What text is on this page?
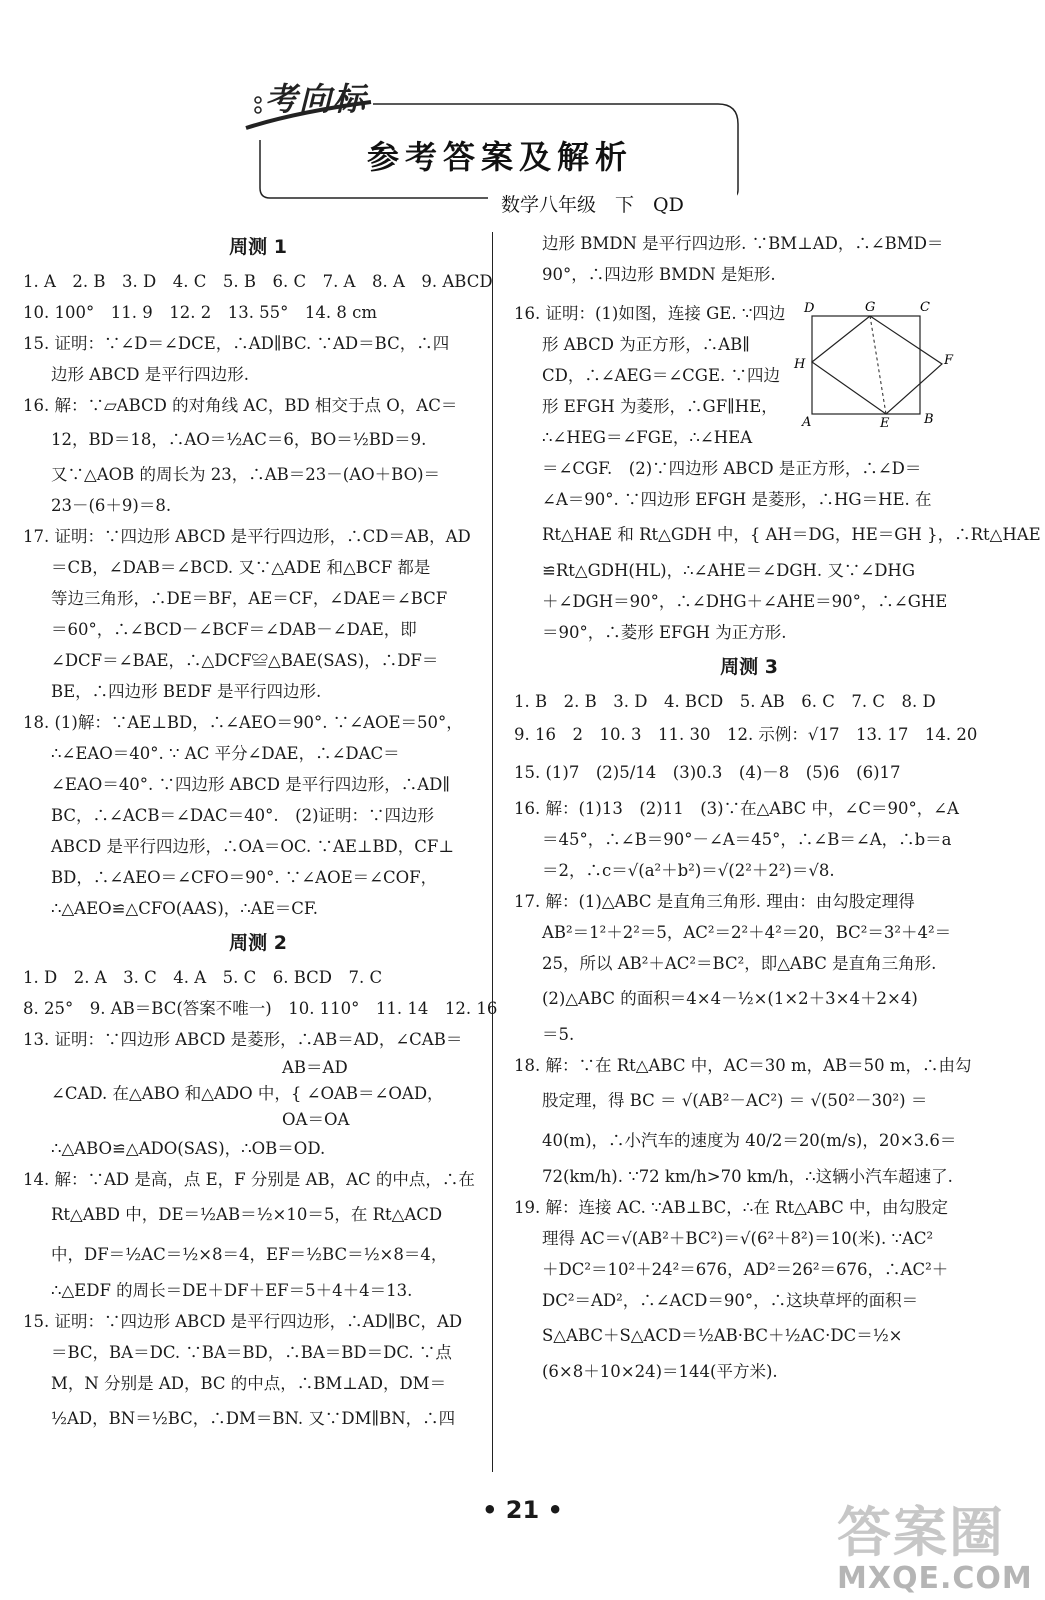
考向标
参考答案及解析
数学八年级　下　QD
周测 1
1. A　2. B　3. D　4. C　5. B　6. C　7. A　8. A　9. ABCD
10. 100°　11. 9　12. 2　13. 55°　14. 8 cm
15. 证明：∵∠D＝∠DCE，∴AD∥BC. ∵AD＝BC，∴四
边形 ABCD 是平行四边形.
16. 解：∵▱ABCD 的对角线 AC，BD 相交于点 O，AC＝
12，BD＝18，∴AO＝½AC＝6，BO＝½BD＝9.
又∵△AOB 的周长为 23，∴AB＝23－(AO＋BO)＝
23－(6＋9)＝8.
17. 证明：∵四边形 ABCD 是平行四边形，∴CD＝AB，AD
＝CB，∠DAB＝∠BCD. 又∵△ADE 和△BCF 都是
等边三角形，∴DE＝BF，AE＝CF，∠DAE＝∠BCF
＝60°，∴∠BCD－∠BCF＝∠DAB－∠DAE，即
∠DCF＝∠BAE，∴△DCF≌△BAE(SAS)，∴DF＝
BE，∴四边形 BEDF 是平行四边形.
18. (1)解：∵AE⊥BD，∴∠AEO＝90°. ∵∠AOE＝50°，
∴∠EAO＝40°. ∵ AC 平分∠DAE，∴∠DAC＝
∠EAO＝40°. ∵四边形 ABCD 是平行四边形，∴AD∥
BC，∴∠ACB＝∠DAC＝40°.　(2)证明：∵四边形
ABCD 是平行四边形，∴OA＝OC. ∵AE⊥BD，CF⊥
BD，∴∠AEO＝∠CFO＝90°. ∵∠AOE＝∠COF，
∴△AEO≌△CFO(AAS)，∴AE＝CF.
周测 2
1. D　2. A　3. C　4. A　5. C　6. BCD　7. C
8. 25°　9. AB＝BC(答案不唯一)　10. 110°　11. 14　12. 16
13. 证明：∵四边形 ABCD 是菱形，∴AB＝AD，∠CAB＝
　　　　　　　　　　　　　　AB＝AD
∠CAD. 在△ABO 和△ADO 中，{ ∠OAB＝∠OAD，
　　　　　　　　　　　　　　OA＝OA
∴△ABO≌△ADO(SAS)，∴OB＝OD.
14. 解：∵AD 是高，点 E，F 分别是 AB，AC 的中点，∴在
Rt△ABD 中，DE＝½AB＝½×10＝5，在 Rt△ACD
中，DF＝½AC＝½×8＝4，EF＝½BC＝½×8＝4，
∴△EDF 的周长＝DE＋DF＋EF＝5＋4＋4＝13.
15. 证明：∵四边形 ABCD 是平行四边形，∴AD∥BC，AD
＝BC，BA＝DC. ∵BA＝BD，∴BA＝BD＝DC. ∵点
M，N 分别是 AD，BC 的中点，∴BM⊥AD，DM＝
½AD，BN＝½BC，∴DM＝BN. 又∵DM∥BN，∴四
边形 BMDN 是平行四边形. ∵BM⊥AD，∴∠BMD＝
90°，∴四边形 BMDN 是矩形.
16. 证明：(1)如图，连接 GE. ∵四边
形 ABCD 为正方形，∴AB∥
CD，∴∠AEG＝∠CGE. ∵四边
形 EFGH 为菱形，∴GF∥HE，
∴∠HEG＝∠FGE，∴∠HEA
＝∠CGF.　(2)∵四边形 ABCD 是正方形，∴∠D＝
∠A＝90°. ∵四边形 EFGH 是菱形，∴HG＝HE. 在
Rt△HAE 和 Rt△GDH 中，{ AH＝DG，HE＝GH }，∴Rt△HAE
≌Rt△GDH(HL)，∴∠AHE＝∠DGH. 又∵∠DHG
＋∠DGH＝90°，∴∠DHG＋∠AHE＝90°，∴∠GHE
＝90°，∴菱形 EFGH 为正方形.
周测 3
1. B　2. B　3. D　4. BCD　5. AB　6. C　7. C　8. D
9. 16　2　10. 3　11. 30　12. 示例：√17　13. 17　14. 20
15. (1)7　(2)5/14　(3)0.3　(4)－8　(5)6　(6)17
16. 解：(1)13　(2)11　(3)∵在△ABC 中，∠C＝90°，∠A
＝45°，∴∠B＝90°－∠A＝45°，∴∠B＝∠A，∴b＝a
＝2，∴c＝√(a²＋b²)＝√(2²＋2²)＝√8.
17. 解：(1)△ABC 是直角三角形. 理由：由勾股定理得
AB²＝1²＋2²＝5，AC²＝2²＋4²＝20，BC²＝3²＋4²＝
25，所以 AB²＋AC²＝BC²，即△ABC 是直角三角形.
(2)△ABC 的面积＝4×4－½×(1×2＋3×4＋2×4)
＝5.
18. 解：∵在 Rt△ABC 中，AC＝30 m，AB＝50 m，∴由勾
股定理，得 BC ＝ √(AB²－AC²) ＝ √(50²－30²) ＝
40(m)，∴小汽车的速度为 40/2＝20(m/s)，20×3.6＝
72(km/h). ∵72 km/h>70 km/h，∴这辆小汽车超速了.
19. 解：连接 AC. ∵AB⊥BC，∴在 Rt△ABC 中，由勾股定
理得 AC＝√(AB²＋BC²)＝√(6²＋8²)＝10(米). ∵AC²
＋DC²＝10²＋24²＝676，AD²＝26²＝676，∴AC²＋
DC²＝AD²，∴∠ACD＝90°，∴这块草坪的面积＝
S△ABC＋S△ACD＝½AB·BC＋½AC·DC＝½×
(6×8＋10×24)＝144(平方米).
D	G	C
F
H
A	E	B
• 21 •	答案圈
MXQE.COM
